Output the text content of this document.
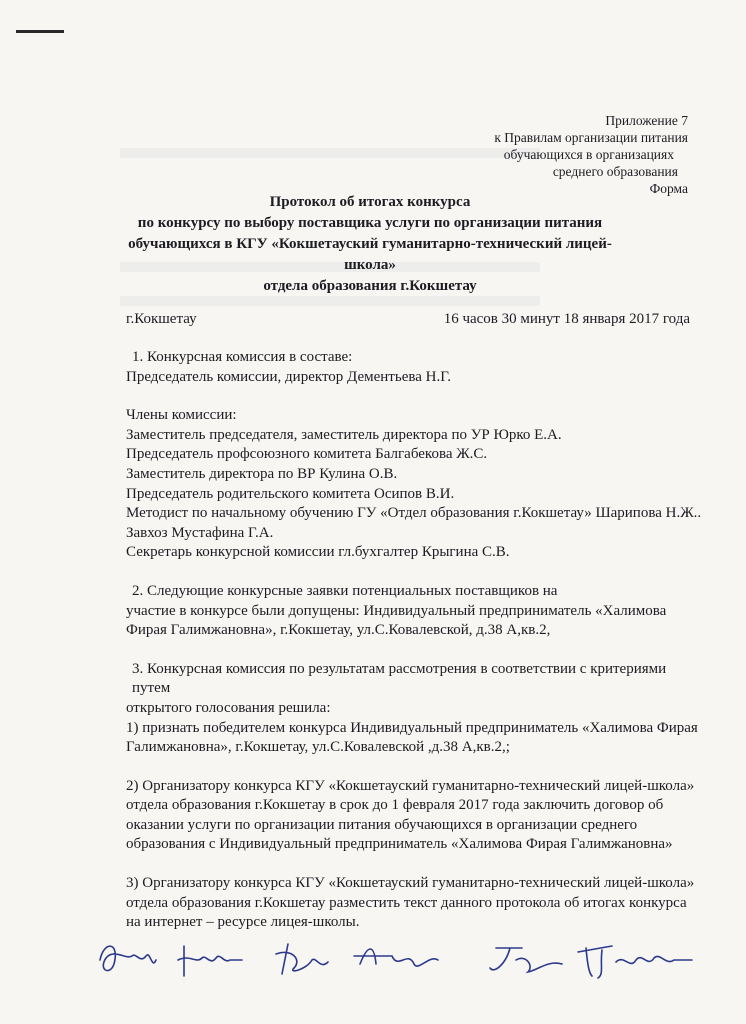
Приложение 7
к Правилам организации питания
обучающихся в организациях
среднего образования
Форма
Протокол об итогах конкурса
по конкурсу по выбору поставщика услуги по организации питания
обучающихся в КГУ «Кокшетауский гуманитарно-технический лицей-школа»
отдела образования г.Кокшетау
г.Кокшетау	16 часов 30 минут 18 января 2017 года

1. Конкурсная комиссия в составе:

Председатель комиссии, директор Дементьева Н.Г.

Члены комиссии:

Заместитель председателя, заместитель директора по УР Юрко Е.А.

Председатель профсоюзного комитета Балгабекова Ж.С.

Заместитель директора по ВР Кулина О.В.

Председатель родительского комитета Осипов В.И.

Методист по начальному обучению ГУ «Отдел образования г.Кокшетау» Шарипова Н.Ж..

Завхоз Мустафина Г.А.

Секретарь конкурсной комиссии гл.бухгалтер Крыгина С.В.

2. Следующие конкурсные заявки потенциальных поставщиков на

участие в конкурсе были допущены: Индивидуальный предприниматель «Халимова

Фирая Галимжановна», г.Кокшетау, ул.С.Ковалевской, д.38 А,кв.2,

3. Конкурсная комиссия по результатам рассмотрения в соответствии с критериями путем

открытого голосования решила:

1) признать победителем конкурса Индивидуальный предприниматель «Халимова Фирая

Галимжановна», г.Кокшетау, ул.С.Ковалевской ,д.38 А,кв.2,;

2) Организатору конкурса КГУ «Кокшетауский гуманитарно-технический лицей-школа»

отдела образования г.Кокшетау в срок до 1 февраля 2017 года заключить договор об

оказании услуги по организации питания обучающихся в организации среднего

образования с Индивидуальный предприниматель «Халимова Фирая Галимжановна»

3) Организатору конкурса КГУ «Кокшетауский гуманитарно-технический лицей-школа»

отдела образования г.Кокшетау разместить текст данного протокола об итогах конкурса

на интернет – ресурсе лицея-школы.
